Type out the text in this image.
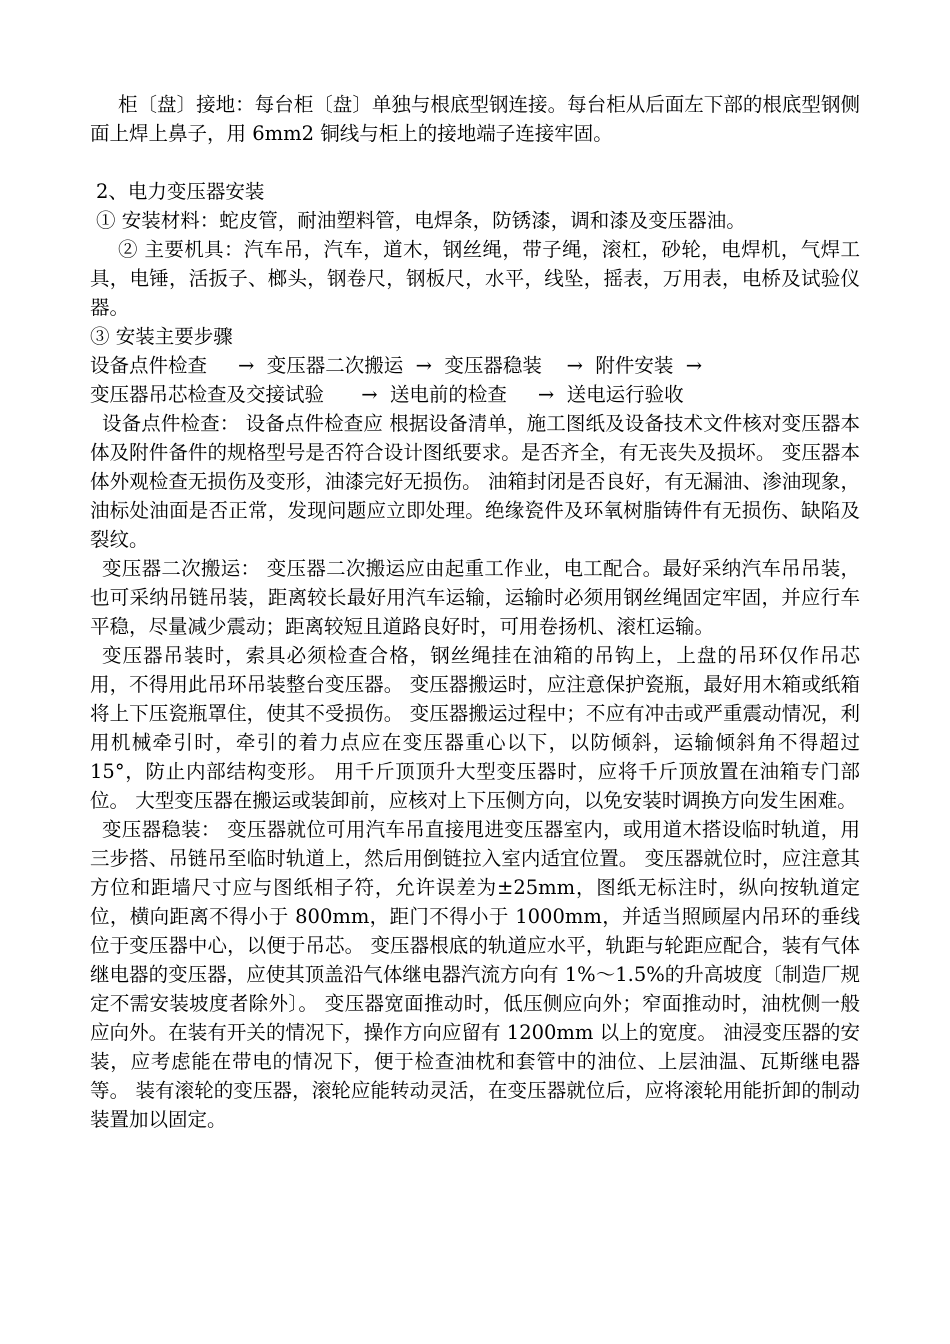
柜〔盘〕接地：每台柜〔盘〕单独与根底型钢连接。每台柜从后面左下部的根底型钢侧面上焊上鼻子，用 6mm2 铜线与柜上的接地端子连接牢固。

2、电力变压器安装

① 安装材料：蛇皮管，耐油塑料管，电焊条，防锈漆，调和漆及变压器油。

② 主要机具：汽车吊，汽车，道木，钢丝绳，带子绳，滚杠，砂轮，电焊机，气焊工具，电锤，活扳子、榔头，钢卷尺，钢板尺，水平，线坠，摇表，万用表，电桥及试验仪器。

③ 安装主要步骤

设备点件检查     →  变压器二次搬运  →  变压器稳装    →  附件安装  →

变压器吊芯检查及交接试验      →  送电前的检查     →  送电运行验收

设备点件检查： 设备点件检查应 根据设备清单，施工图纸及设备技术文件核对变压器本体及附件备件的规格型号是否符合设计图纸要求。是否齐全，有无丧失及损坏。 变压器本体外观检查无损伤及变形，油漆完好无损伤。 油箱封闭是否良好，有无漏油、渗油现象，油标处油面是否正常，发现问题应立即处理。绝缘瓷件及环氧树脂铸件有无损伤、缺陷及裂纹。

变压器二次搬运： 变压器二次搬运应由起重工作业，电工配合。最好采纳汽车吊吊装，也可采纳吊链吊装，距离较长最好用汽车运输，运输时必须用钢丝绳固定牢固，并应行车平稳，尽量减少震动；距离较短且道路良好时，可用卷扬机、滚杠运输。

变压器吊装时，索具必须检查合格，钢丝绳挂在油箱的吊钩上，上盘的吊环仅作吊芯用，不得用此吊环吊装整台变压器。 变压器搬运时，应注意保护瓷瓶，最好用木箱或纸箱将上下压瓷瓶罩住，使其不受损伤。 变压器搬运过程中；不应有冲击或严重震动情况，利用机械牵引时，牵引的着力点应在变压器重心以下，以防倾斜，运输倾斜角不得超过 15°，防止内部结构变形。 用千斤顶顶升大型变压器时，应将千斤顶放置在油箱专门部位。 大型变压器在搬运或装卸前，应核对上下压侧方向，以免安装时调换方向发生困难。

变压器稳装： 变压器就位可用汽车吊直接甩进变压器室内，或用道木搭设临时轨道，用三步搭、吊链吊至临时轨道上，然后用倒链拉入室内适宜位置。 变压器就位时，应注意其方位和距墙尺寸应与图纸相子符，允许误差为±25mm，图纸无标注时，纵向按轨道定位，横向距离不得小于 800mm，距门不得小于 1000mm，并适当照顾屋内吊环的垂线位于变压器中心，以便于吊芯。 变压器根底的轨道应水平，轨距与轮距应配合，装有气体继电器的变压器，应使其顶盖沿气体继电器汽流方向有 1%～1.5%的升高坡度〔制造厂规定不需安装坡度者除外〕。 变压器宽面推动时，低压侧应向外；窄面推动时，油枕侧一般应向外。在装有开关的情况下，操作方向应留有 1200mm 以上的宽度。 油浸变压器的安装，应考虑能在带电的情况下，便于检查油枕和套管中的油位、上层油温、瓦斯继电器等。 装有滚轮的变压器，滚轮应能转动灵活，在变压器就位后，应将滚轮用能折卸的制动装置加以固定。
